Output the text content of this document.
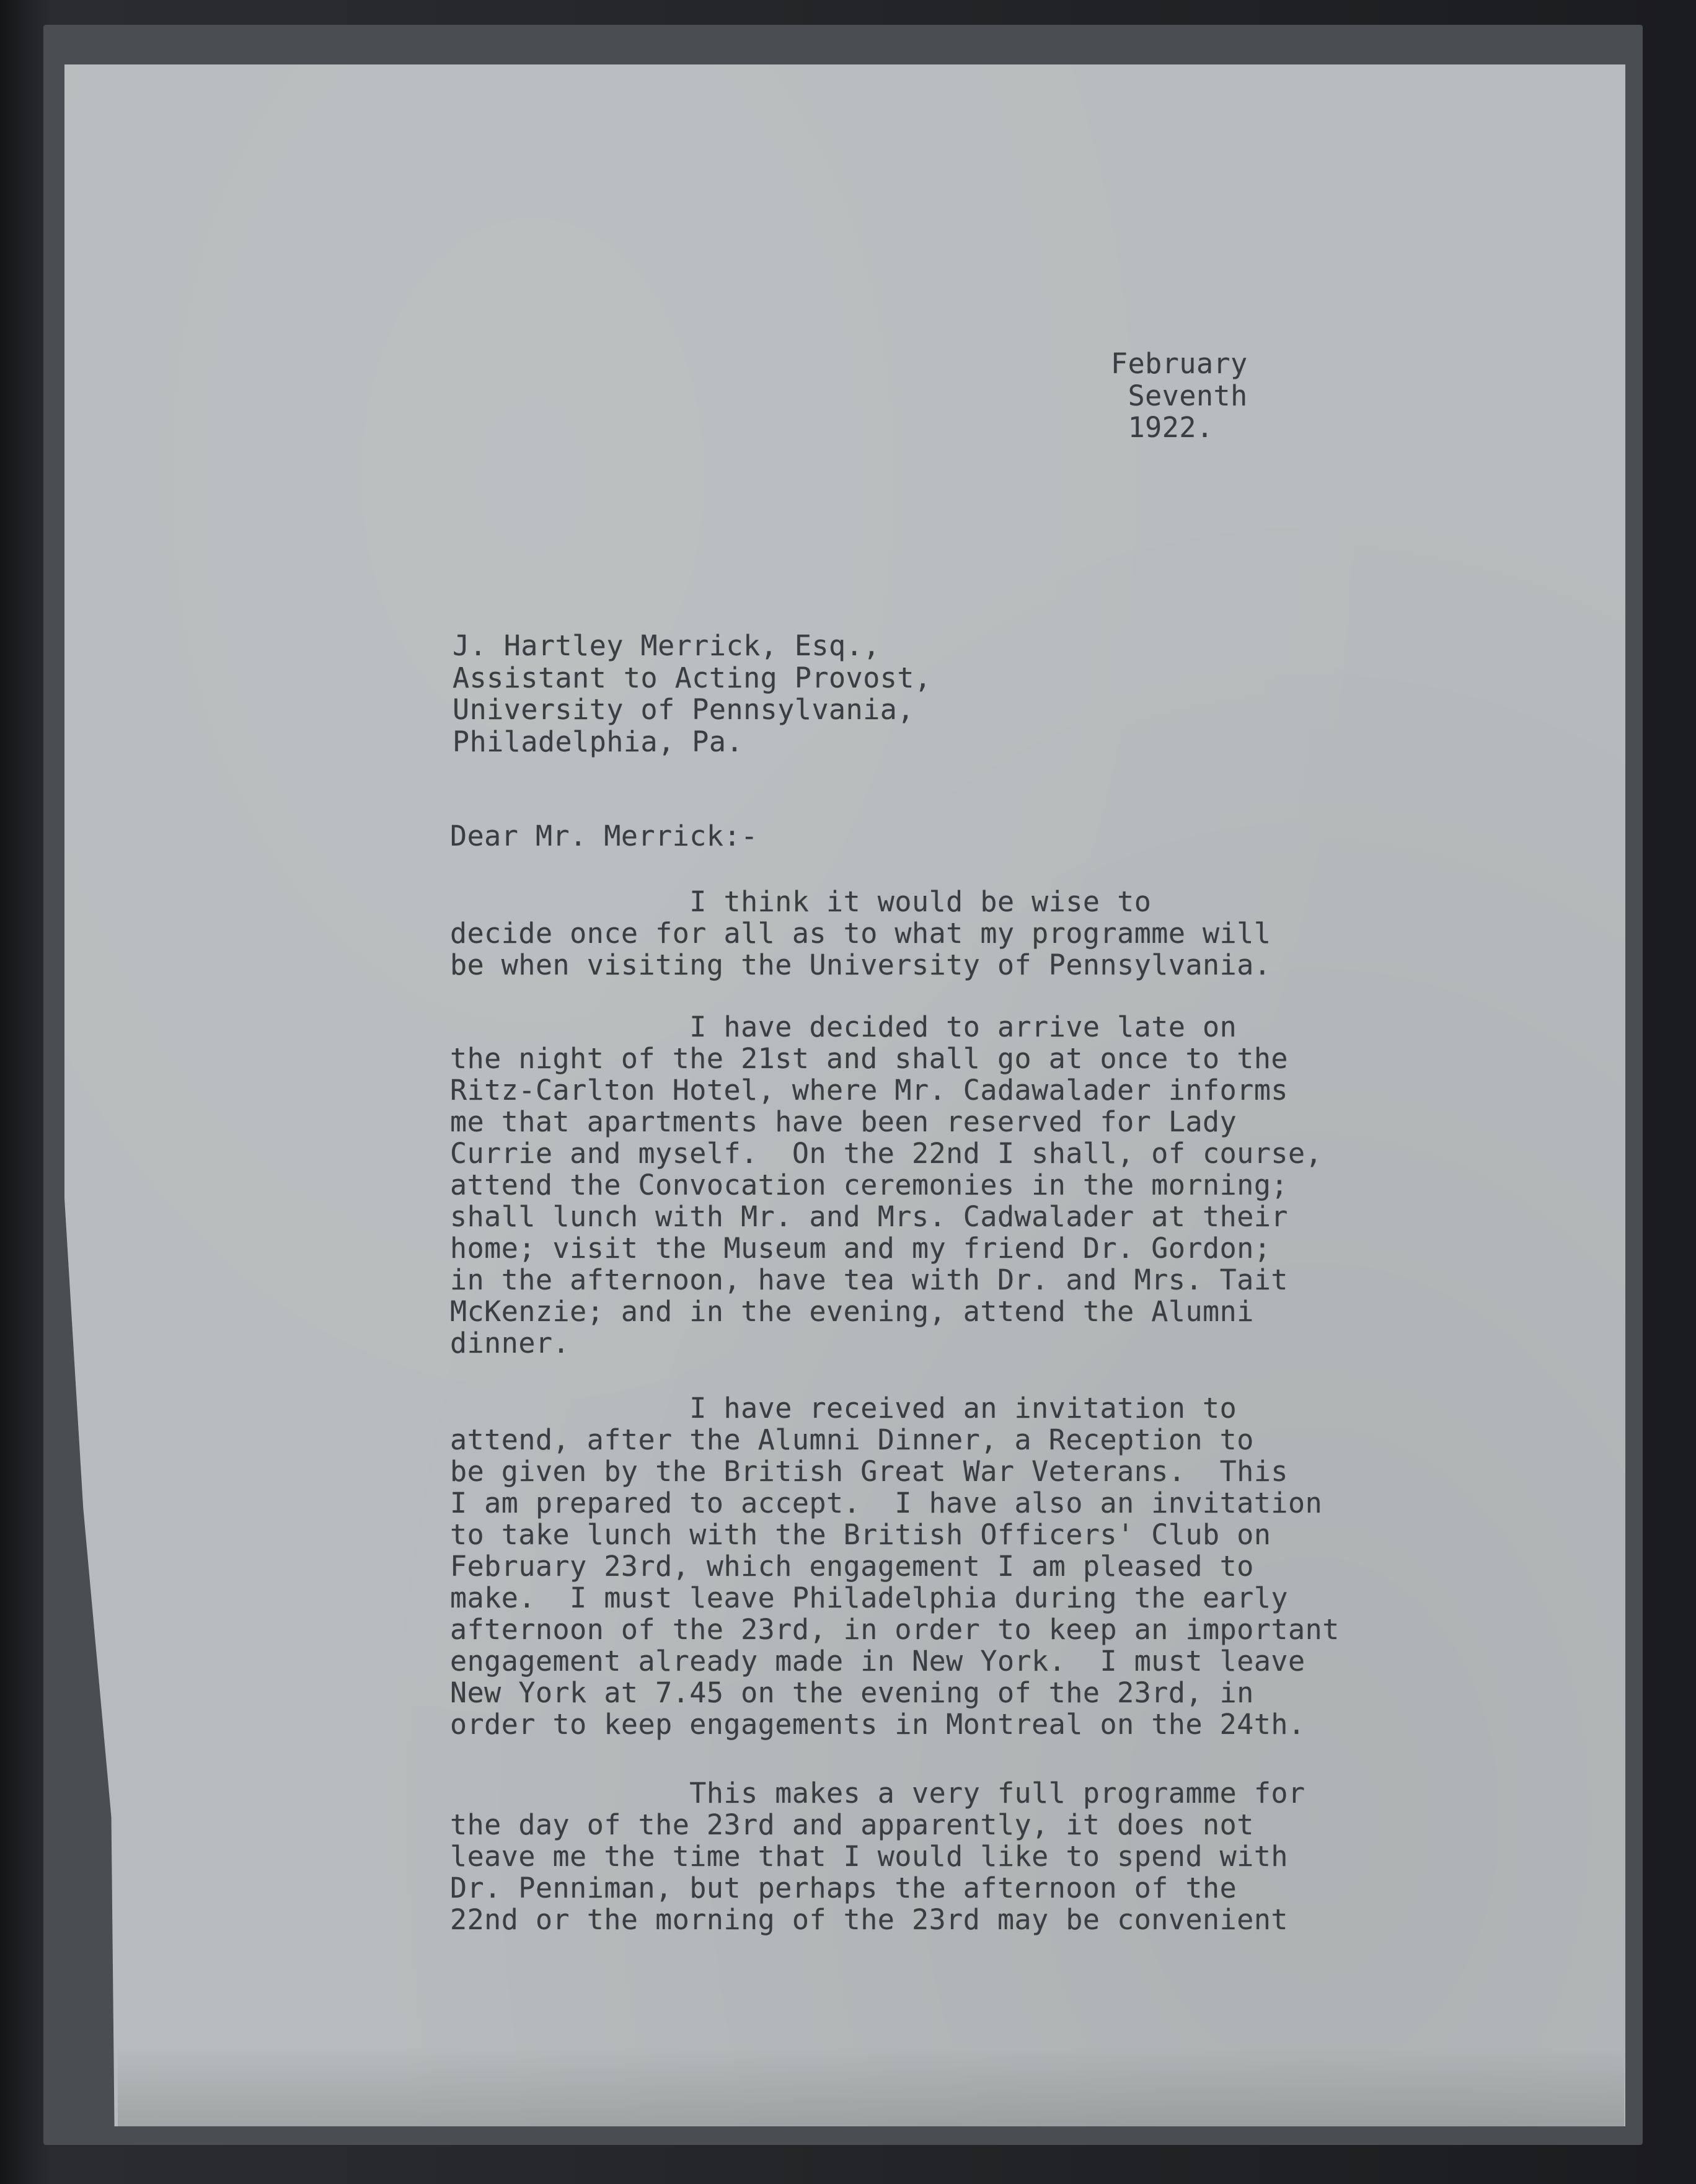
February
Seventh
1922.
J. Hartley Merrick, Esq.,
Assistant to Acting Provost,
University of Pennsylvania,
Philadelphia, Pa.
Dear Mr. Merrick:-
I think it would be wise to
decide once for all as to what my programme will
be when visiting the University of Pennsylvania.
I have decided to arrive late on
the night of the 21st and shall go at once to the
Ritz-Carlton Hotel, where Mr. Cadawalader informs
me that apartments have been reserved for Lady
Currie and myself.  On the 22nd I shall, of course,
attend the Convocation ceremonies in the morning;
shall lunch with Mr. and Mrs. Cadwalader at their
home; visit the Museum and my friend Dr. Gordon;
in the afternoon, have tea with Dr. and Mrs. Tait
McKenzie; and in the evening, attend the Alumni
dinner.
I have received an invitation to
attend, after the Alumni Dinner, a Reception to
be given by the British Great War Veterans.  This
I am prepared to accept.  I have also an invitation
to take lunch with the British Officers' Club on
February 23rd, which engagement I am pleased to
make.  I must leave Philadelphia during the early
afternoon of the 23rd, in order to keep an important
engagement already made in New York.  I must leave
New York at 7.45 on the evening of the 23rd, in
order to keep engagements in Montreal on the 24th.
This makes a very full programme for
the day of the 23rd and apparently, it does not
leave me the time that I would like to spend with
Dr. Penniman, but perhaps the afternoon of the
22nd or the morning of the 23rd may be convenient
